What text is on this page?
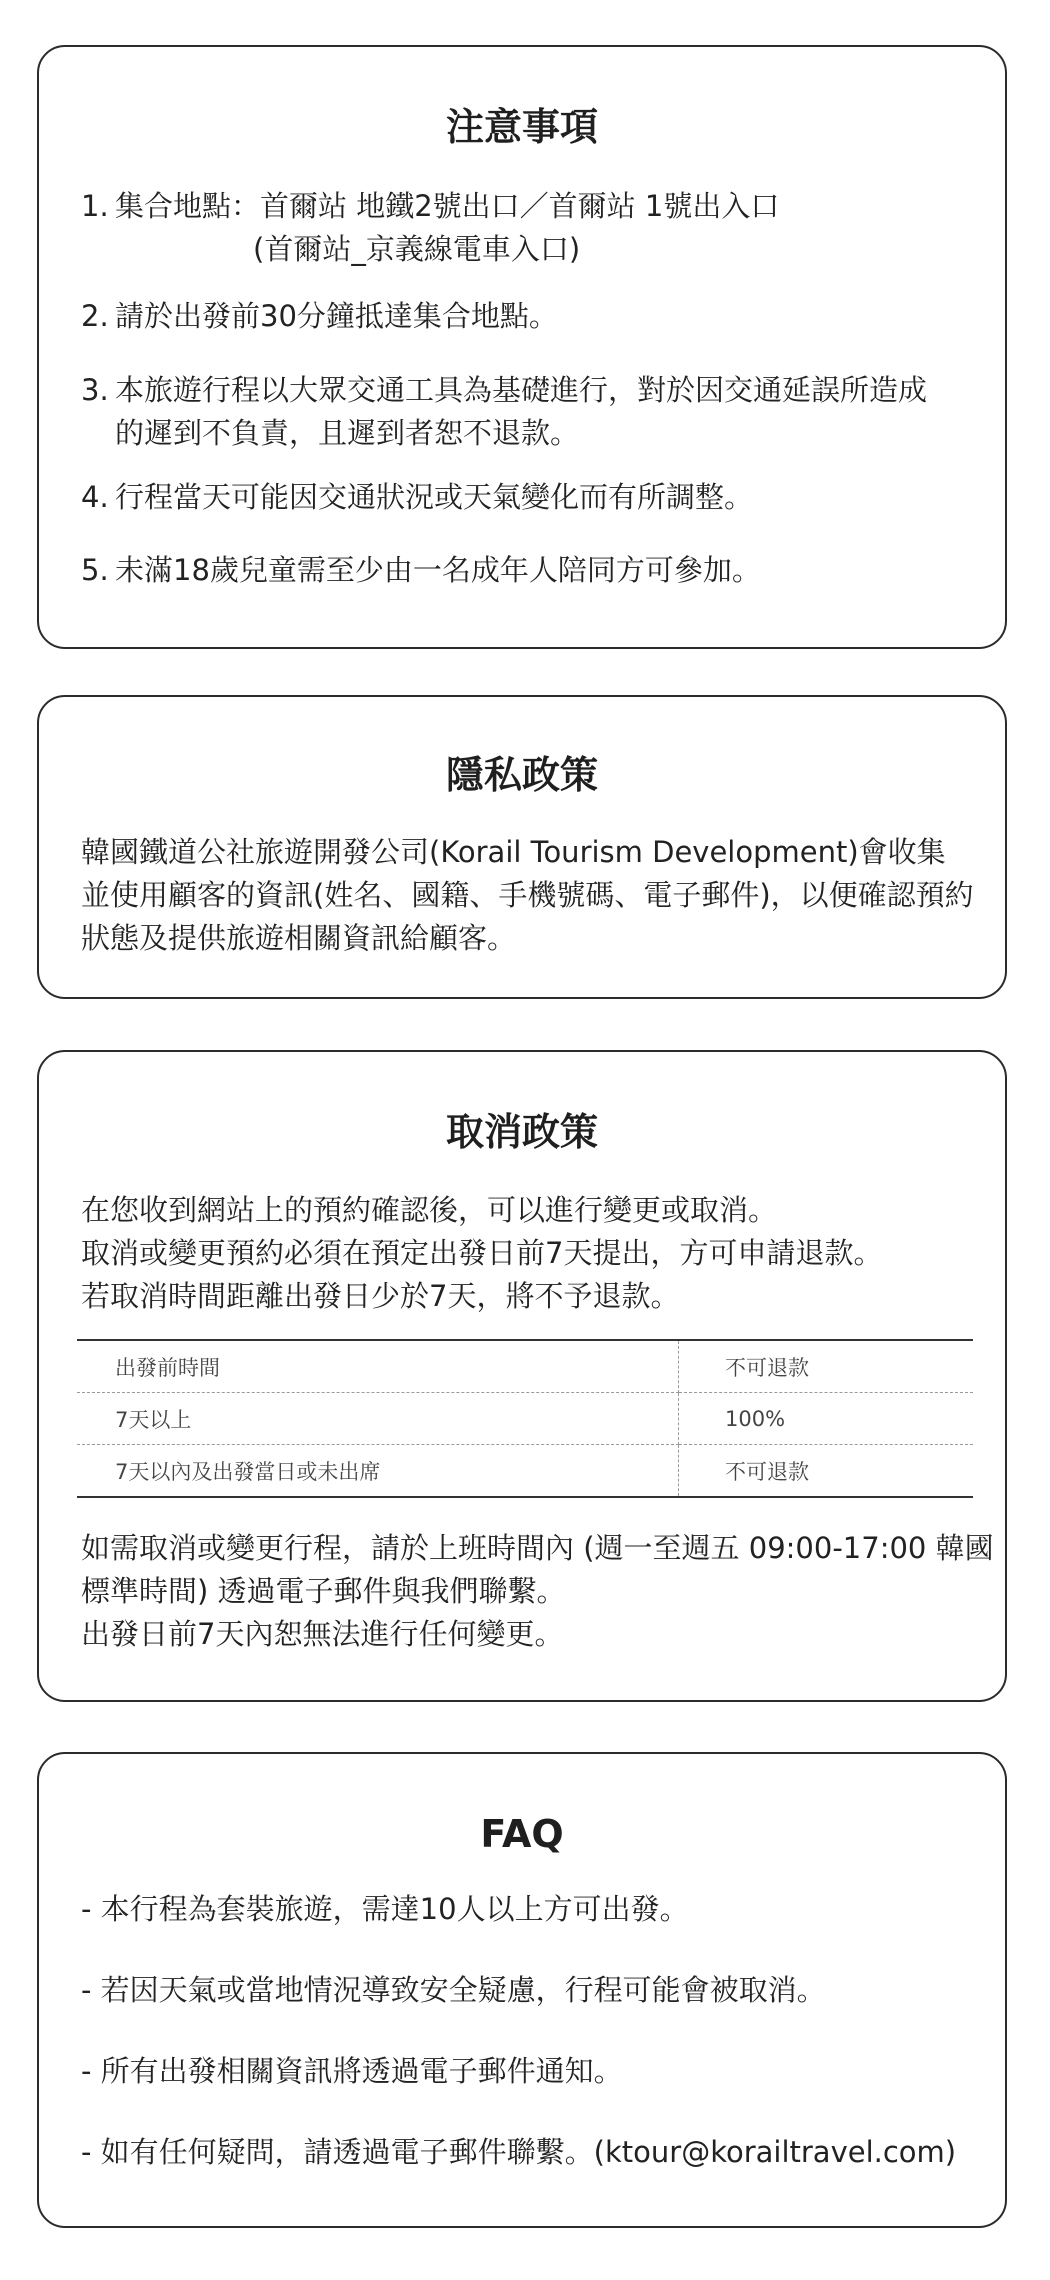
注意事項
1. 集合地點：首爾站 地鐵2號出口／首爾站 1號出入口
(首爾站_京義線電車入口)
2. 請於出發前30分鐘抵達集合地點。
3. 本旅遊行程以大眾交通工具為基礎進行，對於因交通延誤所造成
的遲到不負責，且遲到者恕不退款。
4. 行程當天可能因交通狀況或天氣變化而有所調整。
5. 未滿18歲兒童需至少由一名成年人陪同方可參加。
隱私政策
韓國鐵道公社旅遊開發公司(Korail Tourism Development)會收集
並使用顧客的資訊(姓名、國籍、手機號碼、電子郵件)，以便確認預約
狀態及提供旅遊相關資訊給顧客。
取消政策
在您收到網站上的預約確認後，可以進行變更或取消。
取消或變更預約必須在預定出發日前7天提出，方可申請退款。
若取消時間距離出發日少於7天，將不予退款。
出發前時間	不可退款
7天以上	100%
7天以內及出發當日或未出席	不可退款
如需取消或變更行程，請於上班時間內 (週一至週五 09:00-17:00 韓國
標準時間) 透過電子郵件與我們聯繫。
出發日前7天內恕無法進行任何變更。
FAQ
- 本行程為套裝旅遊，需達10人以上方可出發。
- 若因天氣或當地情況導致安全疑慮，行程可能會被取消。
- 所有出發相關資訊將透過電子郵件通知。
- 如有任何疑問，請透過電子郵件聯繫。(ktour@korailtravel.com)
